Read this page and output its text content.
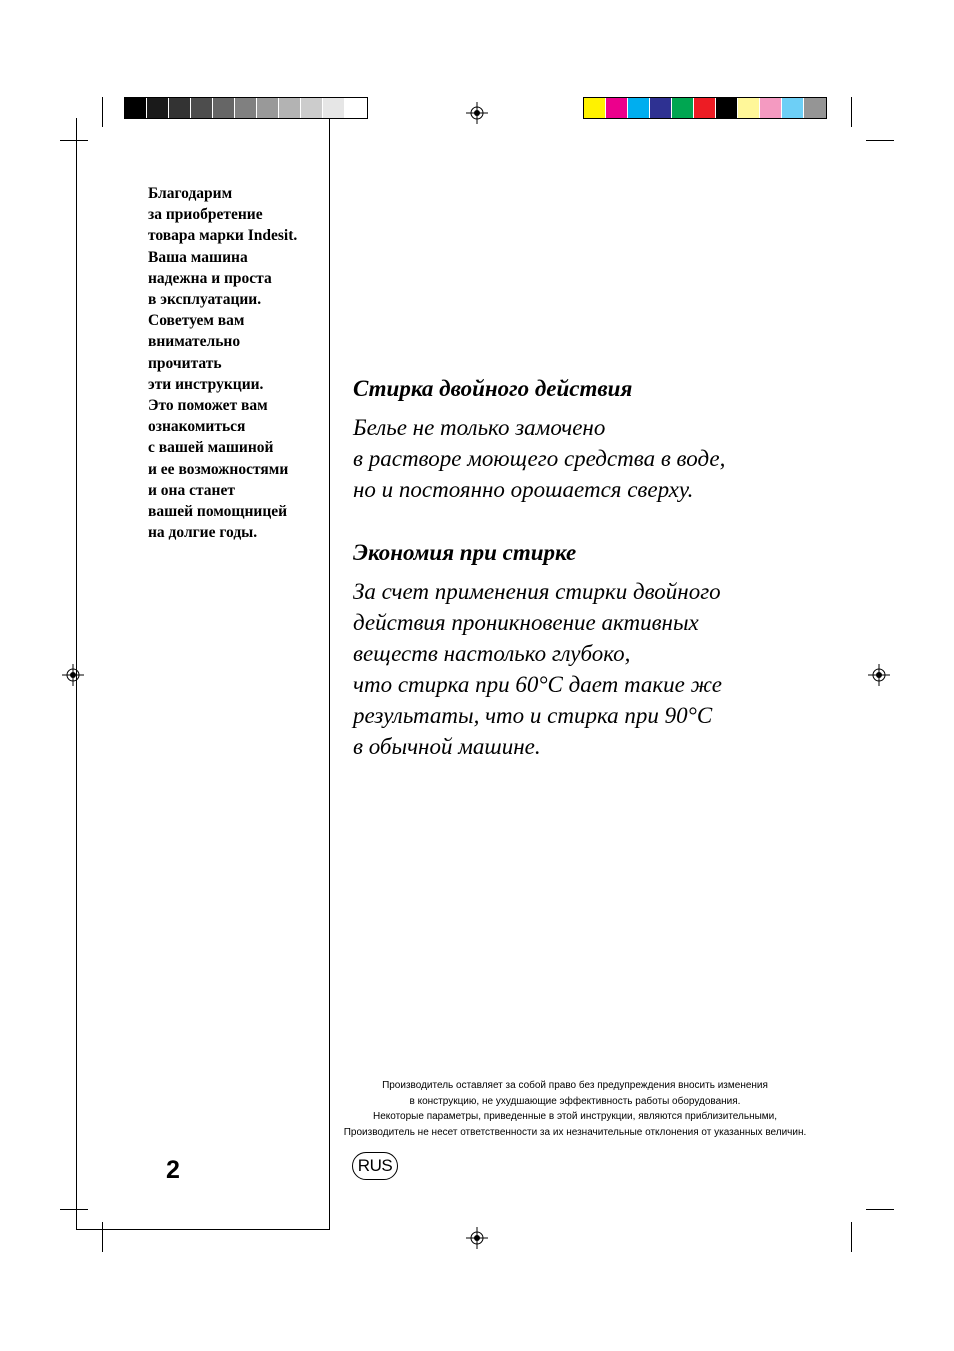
Благодарим
за приобретение
товара марки Indesit.
Ваша машина
надежна и проста
в эксплуатации.
Советуем вам
внимательно
прочитать
эти инструкции.
Это поможет вам
ознакомиться
с вашей машиной
и ее возможностями
и она станет
вашей помощницей
на долгие годы.
Стирка двойного действия
Белье не только замочено
в растворе моющего средства в воде,
но и постоянно орошается сверху.
Экономия при стирке
За счет применения стирки двойного
действия проникновение активных
веществ настолько глубоко,
что стирка при 60°C дает такие же
результаты, что и стирка при 90°C
в обычной машине.
Производитель оставляет за собой право без предупреждения вносить изменения
в конструкцию, не ухудшающие эффективность работы оборудования.
Некоторые параметры, приведенные в этой инструкции, являются приблизительными,
Производитель не несет ответственности за их незначительные отклонения от указанных величин.
2	RUS
